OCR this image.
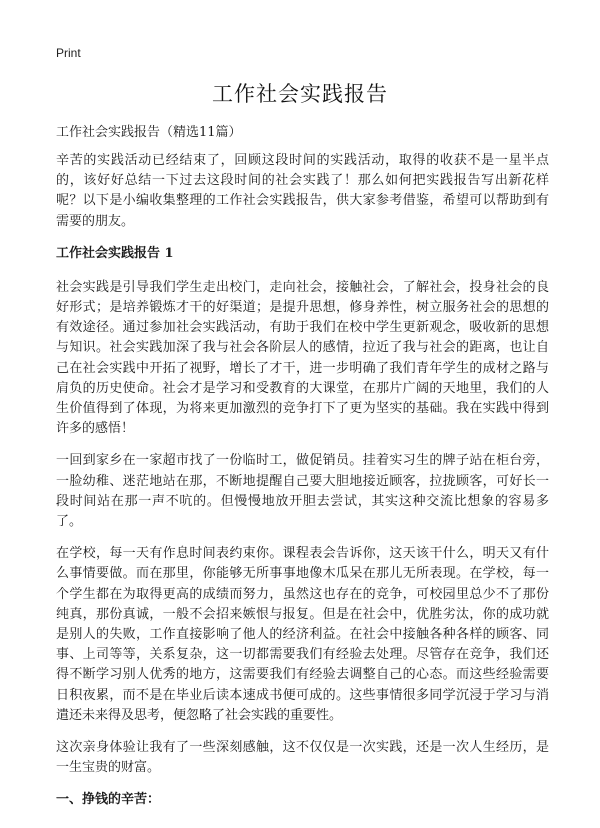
Print
工作社会实践报告

工作社会实践报告（精选11篇）

辛苦的实践活动已经结束了，回顾这段时间的实践活动，取得的收获不是一星半点的，该好好总结一下过去这段时间的社会实践了！那么如何把实践报告写出新花样呢？以下是小编收集整理的工作社会实践报告，供大家参考借鉴，希望可以帮助到有需要的朋友。

工作社会实践报告 1

社会实践是引导我们学生走出校门，走向社会，接触社会，了解社会，投身社会的良好形式；是培养锻炼才干的好渠道；是提升思想，修身养性，树立服务社会的思想的有效途径。通过参加社会实践活动，有助于我们在校中学生更新观念，吸收新的思想与知识。社会实践加深了我与社会各阶层人的感情，拉近了我与社会的距离，也让自己在社会实践中开拓了视野，增长了才干，进一步明确了我们青年学生的成材之路与肩负的历史使命。社会才是学习和受教育的大课堂，在那片广阔的天地里，我们的人生价值得到了体现，为将来更加激烈的竞争打下了更为坚实的基础。我在实践中得到许多的感悟！

一回到家乡在一家超市找了一份临时工，做促销员。挂着实习生的牌子站在柜台旁，一脸幼稚、迷茫地站在那，不断地提醒自己要大胆地接近顾客，拉拢顾客，可好长一段时间站在那一声不吭的。但慢慢地放开胆去尝试，其实这种交流比想象的容易多了。

在学校，每一天有作息时间表约束你。课程表会告诉你，这天该干什么，明天又有什么事情要做。而在那里，你能够无所事事地像木瓜呆在那儿无所表现。在学校，每一个学生都在为取得更高的成绩而努力，虽然这也存在的竞争，可校园里总少不了那份纯真，那份真诚，一般不会招来嫉恨与报复。但是在社会中，优胜劣汰，你的成功就是别人的失败，工作直接影响了他人的经济利益。在社会中接触各种各样的顾客、同事、上司等等，关系复杂，这一切都需要我们有经验去处理。尽管存在竞争，我们还得不断学习别人优秀的地方，这需要我们有经验去调整自己的心态。而这些经验需要日积夜累，而不是在毕业后读本速成书便可成的。这些事情很多同学沉浸于学习与消遣还未来得及思考，便忽略了社会实践的重要性。

这次亲身体验让我有了一些深刻感触，这不仅仅是一次实践，还是一次人生经历，是一生宝贵的财富。

一、挣钱的辛苦：
